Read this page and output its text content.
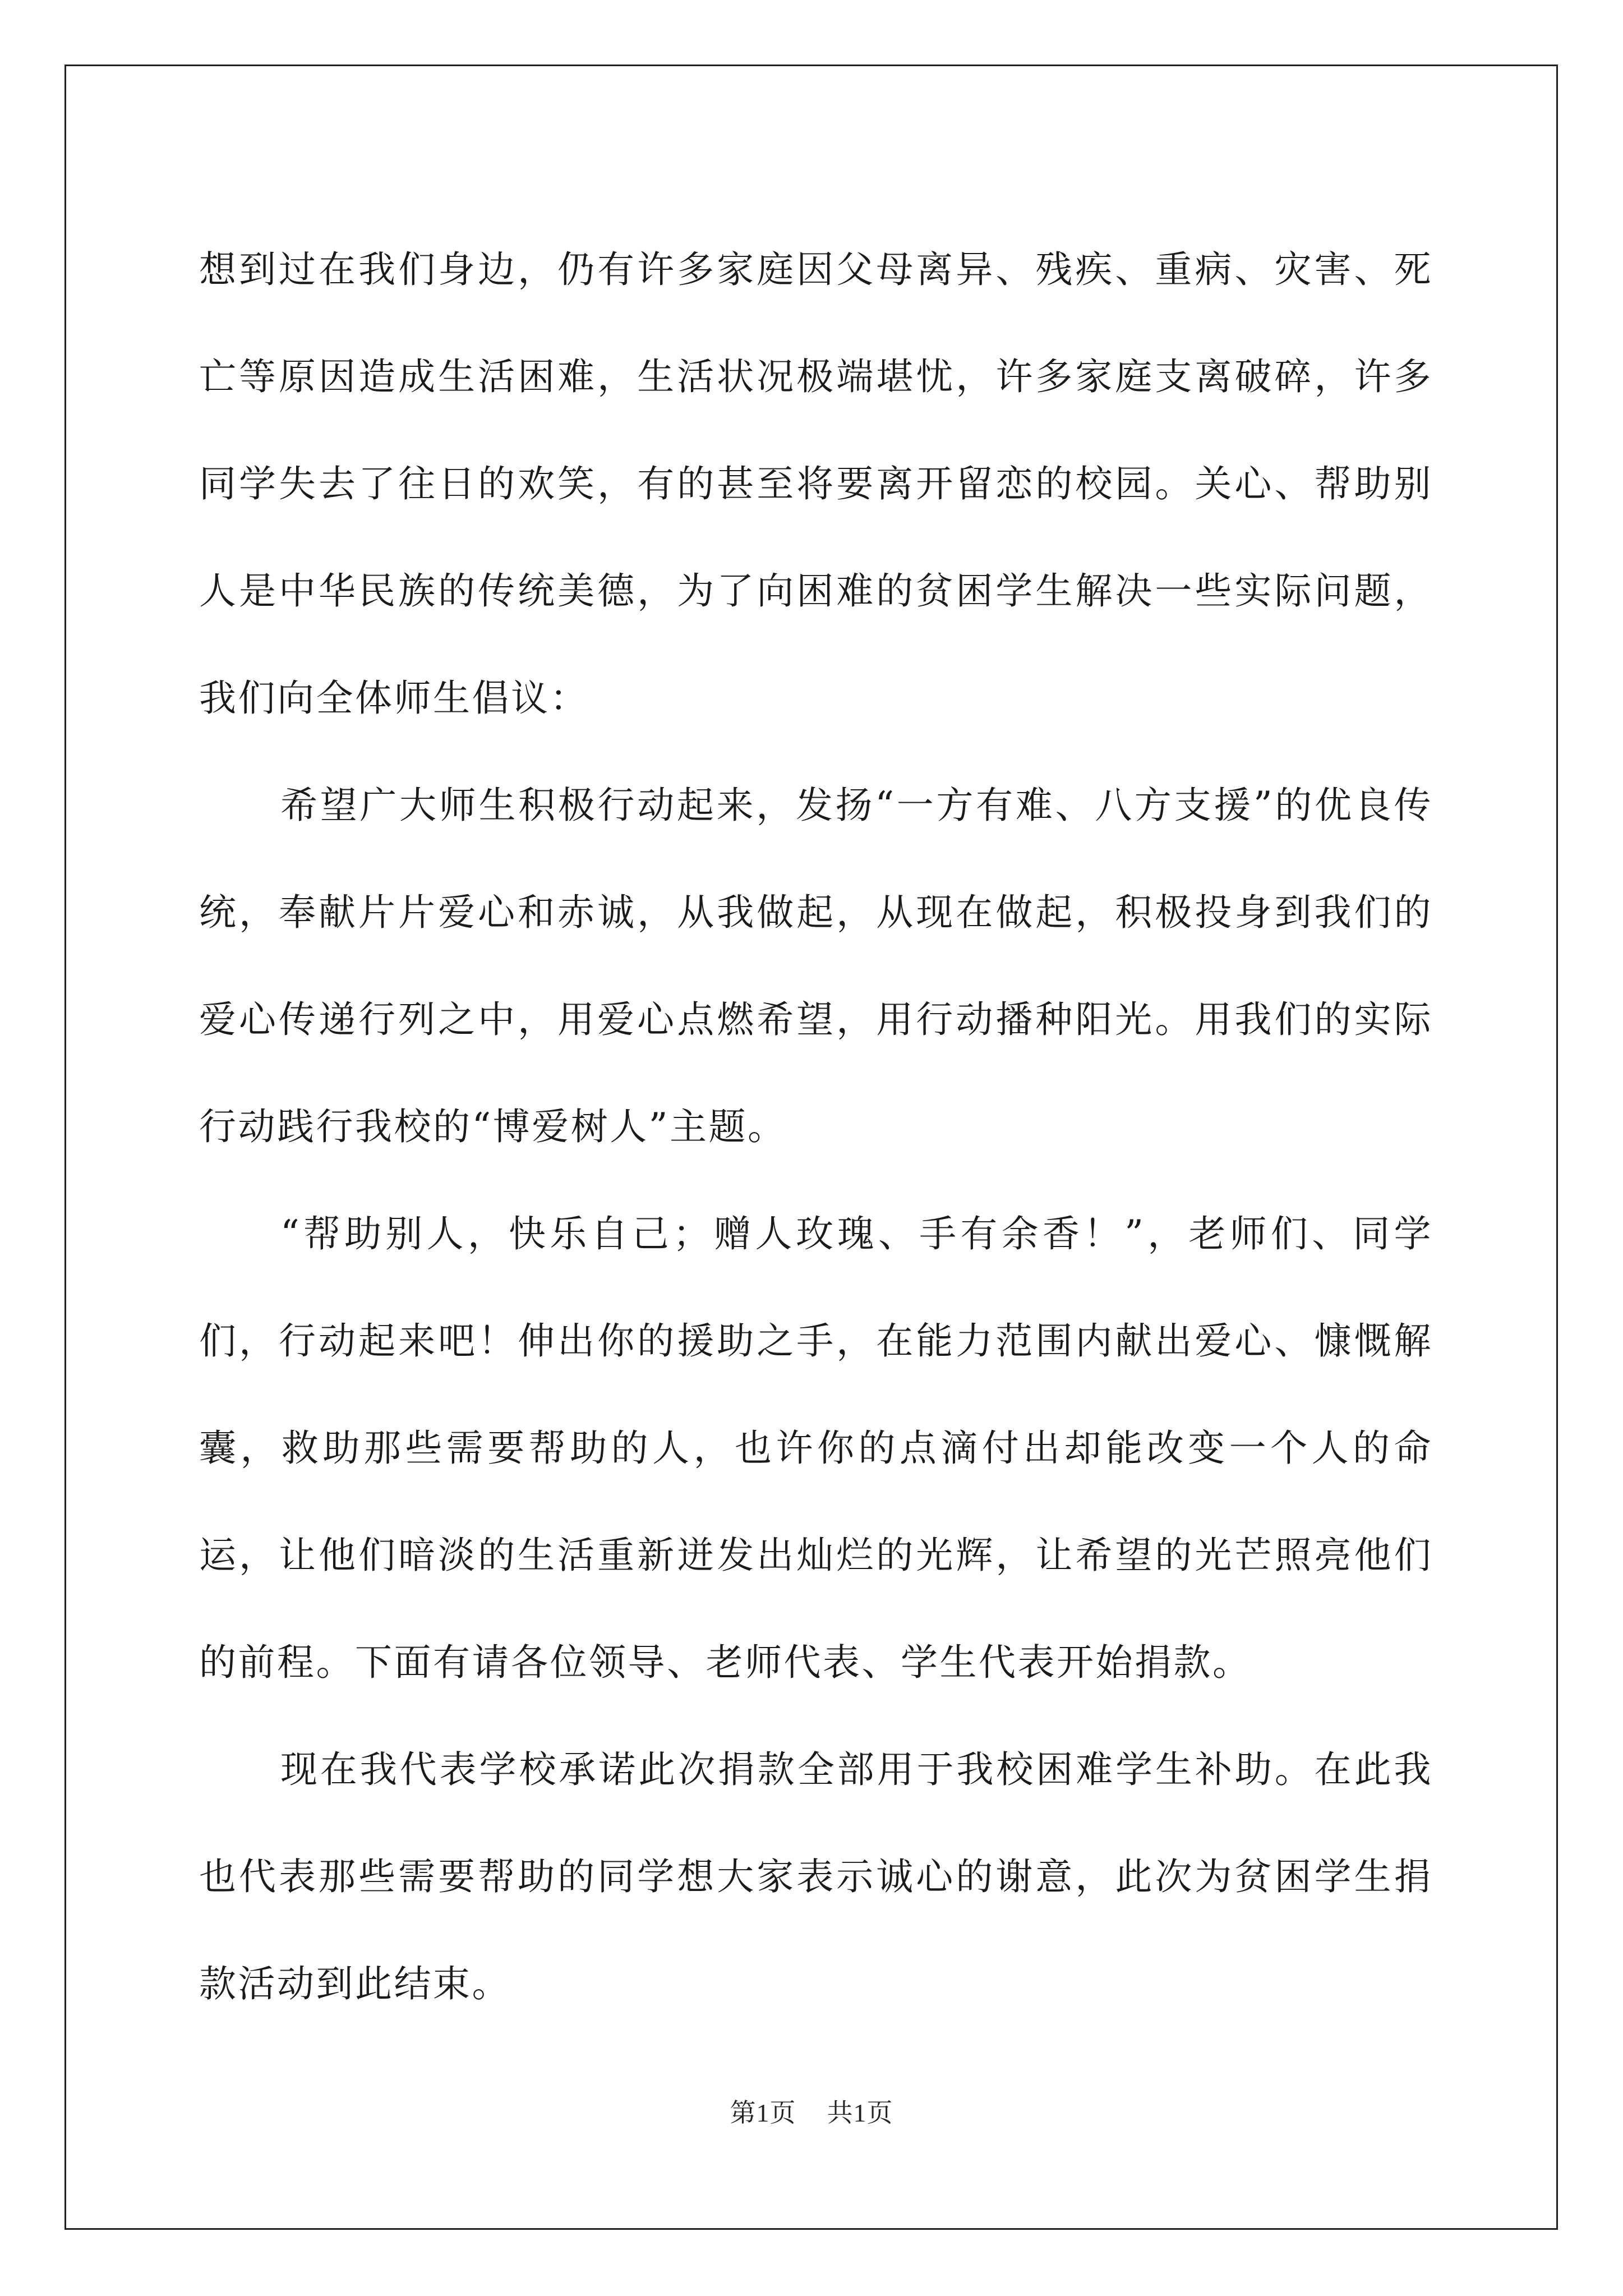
想到过在我们身边，仍有许多家庭因父母离异、残疾、重病、灾害、死亡等原因造成生活困难，生活状况极端堪忧，许多家庭支离破碎，许多同学失去了往日的欢笑，有的甚至将要离开留恋的校园。关心、帮助别人是中华民族的传统美德，为了向困难的贫困学生解决一些实际问题，我们向全体师生倡议：

希望广大师生积极行动起来，发扬“一方有难、八方支援”的优良传统，奉献片片爱心和赤诚，从我做起，从现在做起，积极投身到我们的爱心传递行列之中，用爱心点燃希望，用行动播种阳光。用我们的实际行动践行我校的“博爱树人”主题。

“帮助别人，快乐自己；赠人玫瑰、手有余香！”，老师们、同学们，行动起来吧！伸出你的援助之手，在能力范围内献出爱心、慷慨解囊，救助那些需要帮助的人，也许你的点滴付出却能改变一个人的命运，让他们暗淡的生活重新迸发出灿烂的光辉，让希望的光芒照亮他们的前程。下面有请各位领导、老师代表、学生代表开始捐款。

现在我代表学校承诺此次捐款全部用于我校困难学生补助。在此我也代表那些需要帮助的同学想大家表示诚心的谢意，此次为贫困学生捐款活动到此结束。

第1页 共1页
